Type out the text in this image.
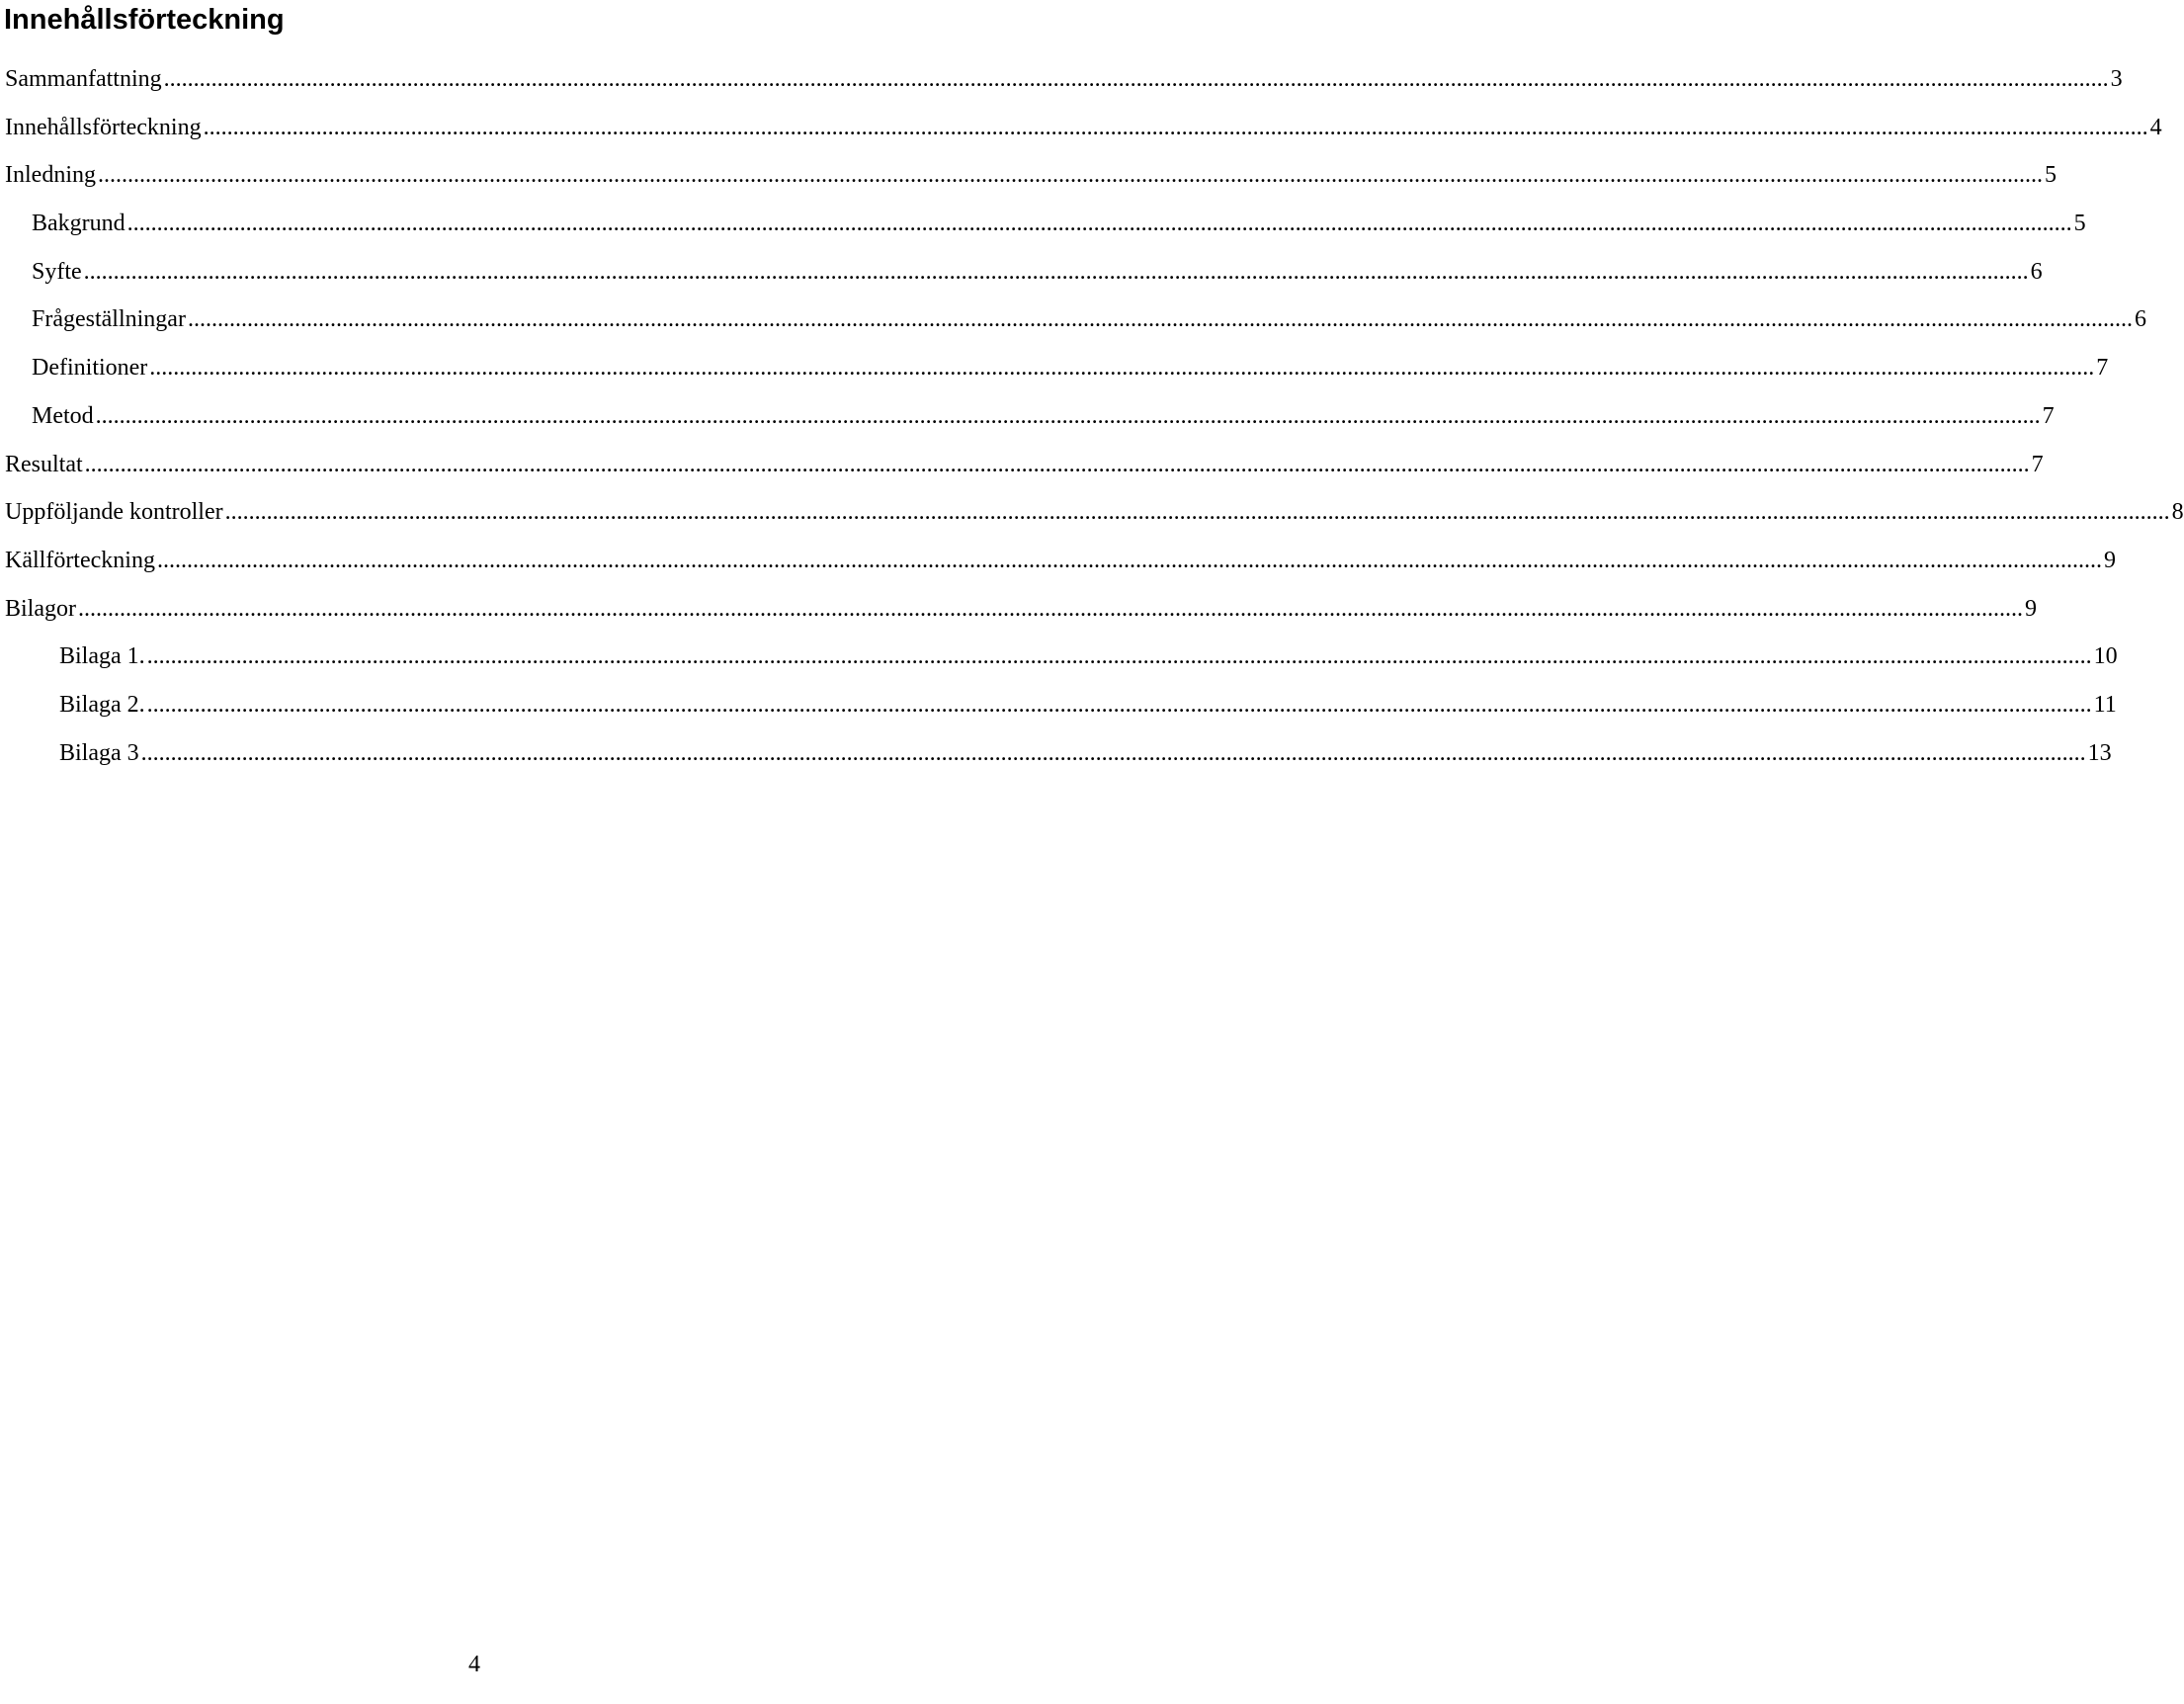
Innehållsförteckning
Sammanfattning .....	3
Innehållsförteckning .....	4
Inledning .....	5
Bakgrund .....	5
Syfte .....	6
Frågeställningar .....	6
Definitioner .....	7
Metod .....	7
Resultat .....	7
Uppföljande kontroller .....	8
Källförteckning .....	9
Bilagor .....	9
Bilaga 1. .....	10
Bilaga 2. .....	11
Bilaga 3 .....	13
4
